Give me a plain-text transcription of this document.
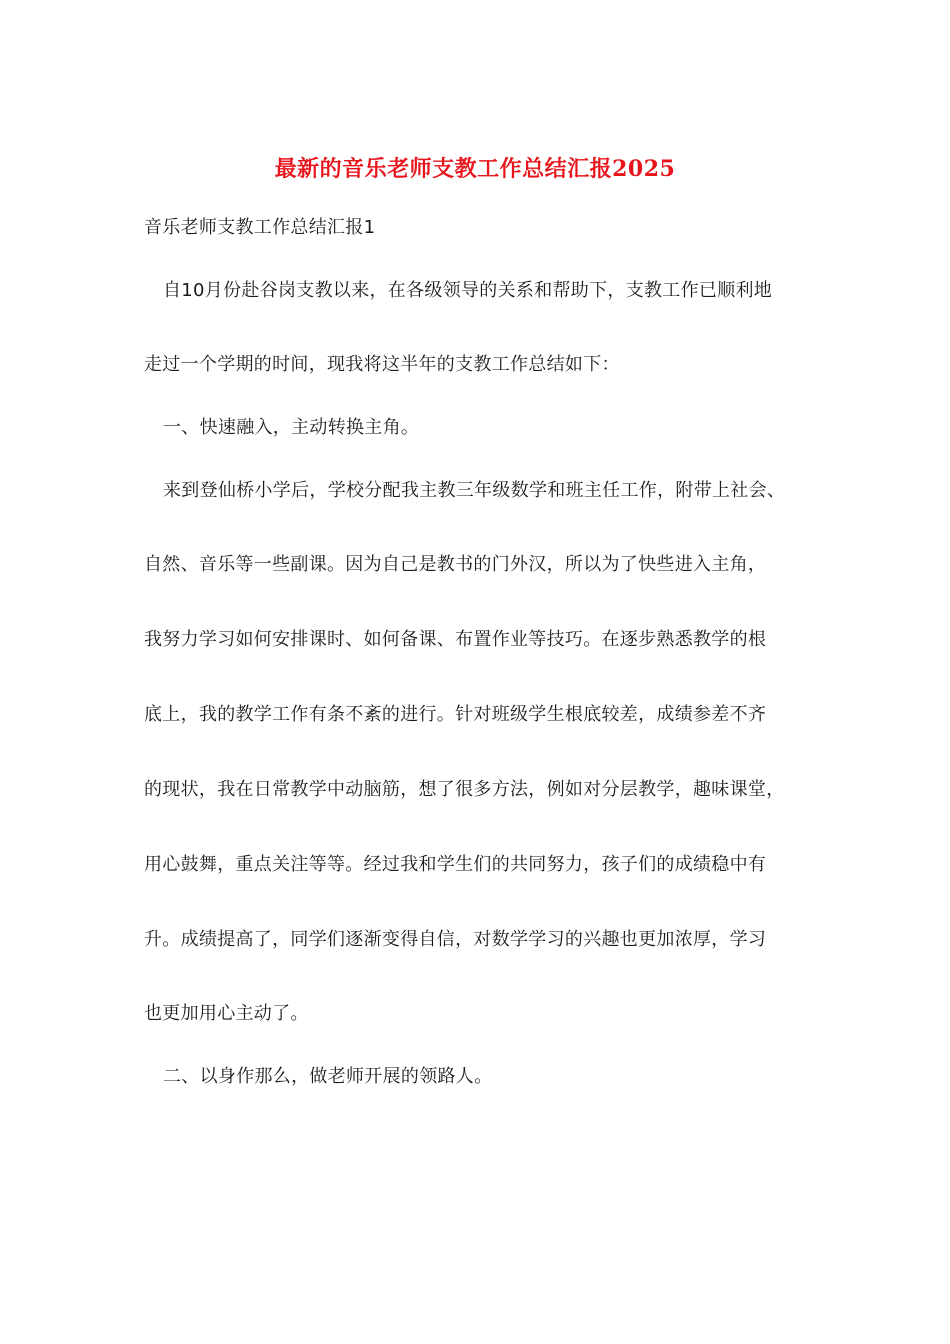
最新的音乐老师支教工作总结汇报2025
音乐老师支教工作总结汇报1
自10月份赴谷岗支教以来，在各级领导的关系和帮助下，支教工作已顺利地
走过一个学期的时间，现我将这半年的支教工作总结如下：
一、快速融入，主动转换主角。
来到登仙桥小学后，学校分配我主教三年级数学和班主任工作，附带上社会、
自然、音乐等一些副课。因为自己是教书的门外汉，所以为了快些进入主角，
我努力学习如何安排课时、如何备课、布置作业等技巧。在逐步熟悉教学的根
底上，我的教学工作有条不紊的进行。针对班级学生根底较差，成绩参差不齐
的现状，我在日常教学中动脑筋，想了很多方法，例如对分层教学，趣味课堂，
用心鼓舞，重点关注等等。经过我和学生们的共同努力，孩子们的成绩稳中有
升。成绩提高了，同学们逐渐变得自信，对数学学习的兴趣也更加浓厚，学习
也更加用心主动了。
二、以身作那么，做老师开展的领路人。
